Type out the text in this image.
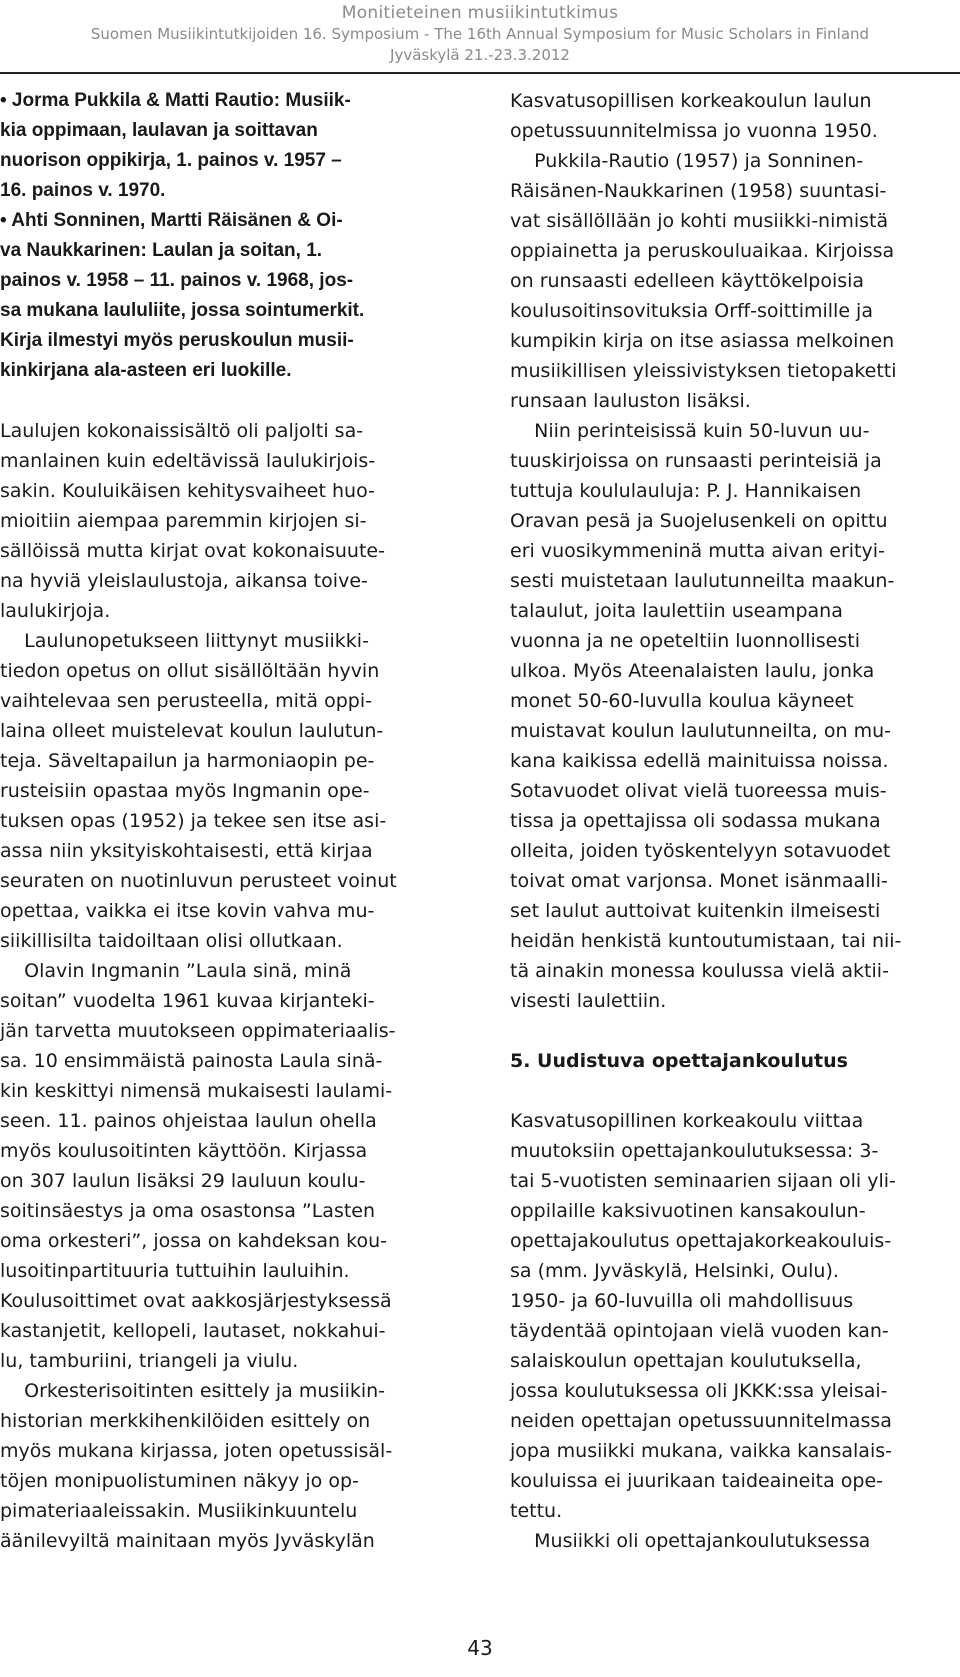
Monitieteinen musiikintutkimus
Suomen Musiikintutkijoiden 16. Symposium - The 16th Annual Symposium for Music Scholars in Finland
Jyväskylä 21.-23.3.2012
• Jorma Pukkila & Matti Rautio: Musiik-
kia oppimaan, laulavan ja soittavan
nuorison oppikirja, 1. painos v. 1957 –
16. painos v. 1970.
• Ahti Sonninen, Martti Räisänen & Oi-
va Naukkarinen: Laulan ja soitan, 1.
painos v. 1958 – 11. painos v. 1968, jos-
sa mukana laululiite, jossa sointumerkit.
Kirja ilmestyi myös peruskoulun musii-
kinkirjana ala-asteen eri luokille.
Laulujen kokonaissisältö oli paljolti sa-
manlainen kuin edeltävissä laulukirjois-
sakin. Kouluikäisen kehitysvaiheet huo-
mioitiin aiempaa paremmin kirjojen si-
sällöissä mutta kirjat ovat kokonaisuute-
na hyviä yleislaulustoja, aikansa toive-
laulukirjoja.
Laulunopetukseen liittynyt musiikki-
tiedon opetus on ollut sisällöltään hyvin
vaihtelevaa sen perusteella, mitä oppi-
laina olleet muistelevat koulun laulutun-
teja. Säveltapailun ja harmoniaopin pe-
rusteisiin opastaa myös Ingmanin ope-
tuksen opas (1952) ja tekee sen itse asi-
assa niin yksityiskohtaisesti, että kirjaa
seuraten on nuotinluvun perusteet voinut
opettaa, vaikka ei itse kovin vahva mu-
siikillisilta taidoiltaan olisi ollutkaan.
Olavin Ingmanin ”Laula sinä, minä
soitan” vuodelta 1961 kuvaa kirjanteki-
jän tarvetta muutokseen oppimateriaalis-
sa. 10 ensimmäistä painosta Laula sinä-
kin keskittyi nimensä mukaisesti laulami-
seen. 11. painos ohjeistaa laulun ohella
myös koulusoitinten käyttöön. Kirjassa
on 307 laulun lisäksi 29 lauluun koulu-
soitinsäestys ja oma osastonsa ”Lasten
oma orkesteri”, jossa on kahdeksan kou-
lusoitinpartituuria tuttuihin lauluihin.
Koulusoittimet ovat aakkosjärjestyksessä
kastanjetit, kellopeli, lautaset, nokkahui-
lu, tamburiini, triangeli ja viulu.
Orkesterisoitinten esittely ja musiikin-
historian merkkihenkilöiden esittely on
myös mukana kirjassa, joten opetussisäl-
töjen monipuolistuminen näkyy jo op-
pimateriaaleissakin. Musiikinkuuntelu
äänilevyiltä mainitaan myös Jyväskylän
Kasvatusopillisen korkeakoulun laulun
opetussuunnitelmissa jo vuonna 1950.
Pukkila-Rautio (1957) ja Sonninen-
Räisänen-Naukkarinen (1958) suuntasi-
vat sisällöllään jo kohti musiikki-nimistä
oppiainetta ja peruskouluaikaa. Kirjoissa
on runsaasti edelleen käyttökelpoisia
koulusoitinsovituksia Orff-soittimille ja
kumpikin kirja on itse asiassa melkoinen
musiikillisen yleissivistyksen tietopaketti
runsaan lauluston lisäksi.
Niin perinteisissä kuin 50-luvun uu-
tuuskirjoissa on runsaasti perinteisiä ja
tuttuja koululauluja: P. J. Hannikaisen
Oravan pesä ja Suojelusenkeli on opittu
eri vuosikymmeninä mutta aivan erityi-
sesti muistetaan laulutunneilta maakun-
talaulut, joita laulettiin useampana
vuonna ja ne opeteltiin luonnollisesti
ulkoa. Myös Ateenalaisten laulu, jonka
monet 50-60-luvulla koulua käyneet
muistavat koulun laulutunneilta, on mu-
kana kaikissa edellä mainituissa noissa.
Sotavuodet olivat vielä tuoreessa muis-
tissa ja opettajissa oli sodassa mukana
olleita, joiden työskentelyyn sotavuodet
toivat omat varjonsa. Monet isänmaalli-
set laulut auttoivat kuitenkin ilmeisesti
heidän henkistä kuntoutumistaan, tai nii-
tä ainakin monessa koulussa vielä aktii-
visesti laulettiin.
5. Uudistuva opettajankoulutus
Kasvatusopillinen korkeakoulu viittaa
muutoksiin opettajankoulutuksessa: 3-
tai 5-vuotisten seminaarien sijaan oli yli-
oppilaille kaksivuotinen kansakoulun-
opettajakoulutus opettajakorkeakouluis-
sa (mm. Jyväskylä, Helsinki, Oulu).
1950- ja 60-luvuilla oli mahdollisuus
täydentää opintojaan vielä vuoden kan-
salaiskoulun opettajan koulutuksella,
jossa koulutuksessa oli JKKK:ssa yleisai-
neiden opettajan opetussuunnitelmassa
jopa musiikki mukana, vaikka kansalais-
kouluissa ei juurikaan taideaineita ope-
tettu.
Musiikki oli opettajankoulutuksessa
43
